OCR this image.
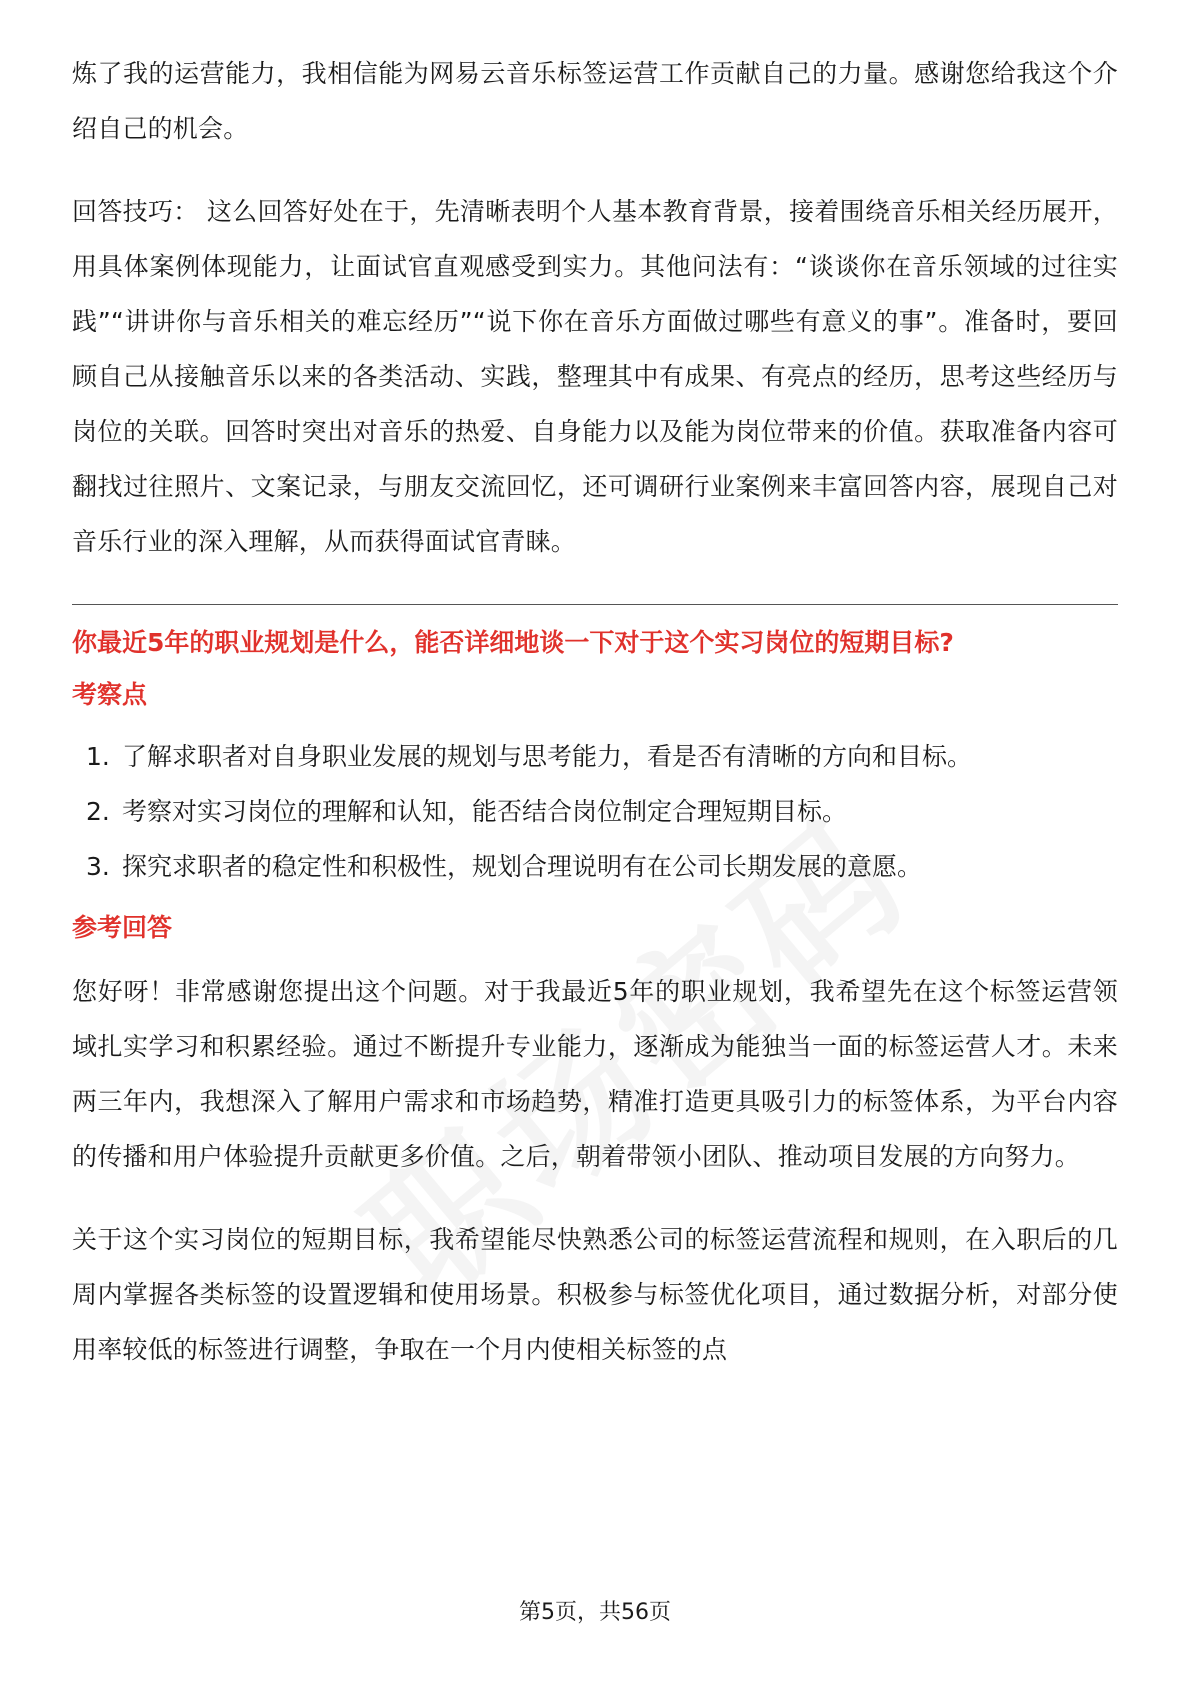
炼了我的运营能力，我相信能为网易云音乐标签运营工作贡献自己的力量。感谢您给我这个介绍自己的机会。

回答技巧： 这么回答好处在于，先清晰表明个人基本教育背景，接着围绕音乐相关经历展开，用具体案例体现能力，让面试官直观感受到实力。其他问法有：“谈谈你在音乐领域的过往实践”“讲讲你与音乐相关的难忘经历”“说下你在音乐方面做过哪些有意义的事”。准备时，要回顾自己从接触音乐以来的各类活动、实践，整理其中有成果、有亮点的经历，思考这些经历与岗位的关联。回答时突出对音乐的热爱、自身能力以及能为岗位带来的价值。获取准备内容可翻找过往照片、文案记录，与朋友交流回忆，还可调研行业案例来丰富回答内容，展现自己对音乐行业的深入理解，从而获得面试官青睐。

你最近5年的职业规划是什么，能否详细地谈一下对于这个实习岗位的短期目标?
考察点
1. 了解求职者对自身职业发展的规划与思考能力，看是否有清晰的方向和目标。
2. 考察对实习岗位的理解和认知，能否结合岗位制定合理短期目标。
3. 探究求职者的稳定性和积极性，规划合理说明有在公司长期发展的意愿。
参考回答

您好呀！非常感谢您提出这个问题。对于我最近5年的职业规划，我希望先在这个标签运营领域扎实学习和积累经验。通过不断提升专业能力，逐渐成为能独当一面的标签运营人才。未来两三年内，我想深入了解用户需求和市场趋势，精准打造更具吸引力的标签体系，为平台内容的传播和用户体验提升贡献更多价值。之后，朝着带领小团队、推动项目发展的方向努力。

关于这个实习岗位的短期目标，我希望能尽快熟悉公司的标签运营流程和规则，在入职后的几周内掌握各类标签的设置逻辑和使用场景。积极参与标签优化项目，通过数据分析，对部分使用率较低的标签进行调整，争取在一个月内使相关标签的点

第5页，共56页
